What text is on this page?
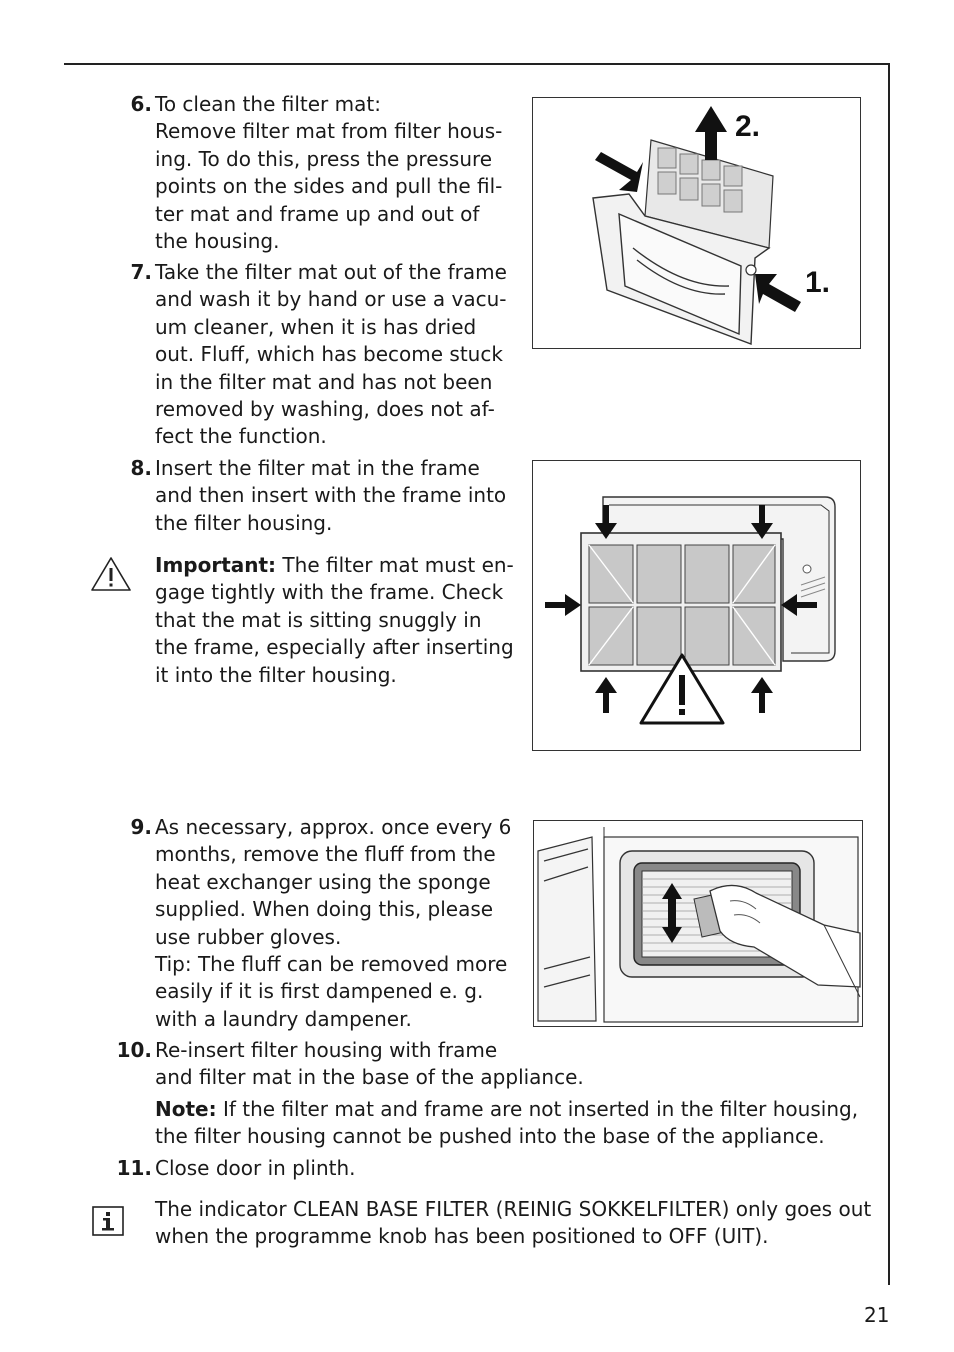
6. To clean the filter mat:
Remove filter mat from filter hous-
ing. To do this, press the pressure
points on the sides and pull the fil-
ter mat and frame up and out of
the housing.
7. Take the filter mat out of the frame
and wash it by hand or use a vacu-
um cleaner, when it is has dried
out. Fluff, which has become stuck
in the filter mat and has not been
removed by washing, does not af-
fect the function.
8. Insert the filter mat in the frame
and then insert with the frame into
the filter housing.
Important: The filter mat must en-
gage tightly with the frame. Check
that the mat is sitting snuggly in
the frame, especially after inserting
it into the filter housing.
9. As necessary, approx. once every 6
months, remove the fluff from the
heat exchanger using the sponge
supplied. When doing this, please
use rubber gloves.
Tip: The fluff can be removed more
easily if it is first dampened e. g.
with a laundry dampener.
10. Re-insert filter housing with frame
and filter mat in the base of the appliance.
Note: If the filter mat and frame are not inserted in the filter housing,
the filter housing cannot be pushed into the base of the appliance.
11. Close door in plinth.
The indicator CLEAN BASE FILTER (REINIG SOKKELFILTER) only goes out
when the programme knob has been positioned to OFF (UIT).
2.
1.
21
